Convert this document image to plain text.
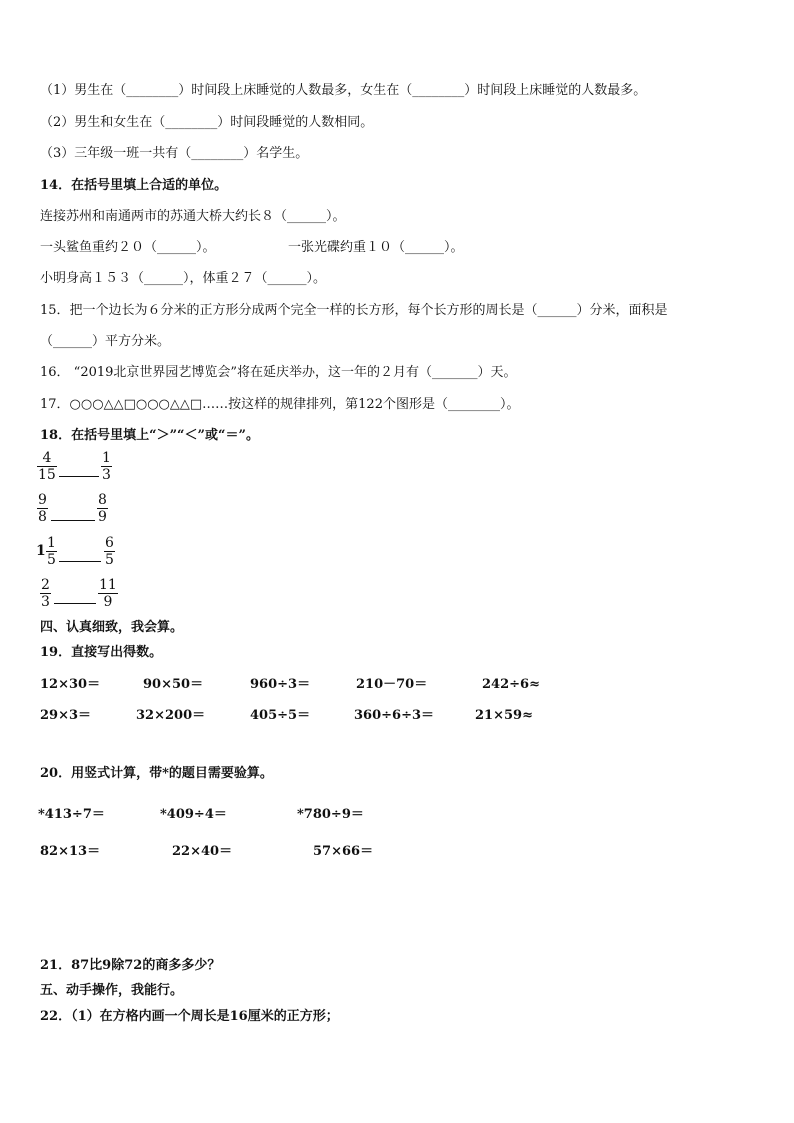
（1）男生在（________）时间段上床睡觉的人数最多，女生在（________）时间段上床睡觉的人数最多。
（2）男生和女生在（________）时间段睡觉的人数相同。
（3）三年级一班一共有（________）名学生。
14．在括号里填上合适的单位。
连接苏州和南通两市的苏通大桥大约长８（______）。
一头鲨鱼重约２０（______）。	一张光碟约重１０（______）。
小明身高１５３（______），体重２７（______）。
15．把一个边长为６分米的正方形分成两个完全一样的长方形，每个长方形的周长是（______）分米，面积是
（______）平方分米。
16． “2019北京世界园艺博览会”将在延庆举办，这一年的２月有（_______）天。
17．○○○△△□○○○△△□……按这样的规律排列，第122个图形是（________）。
18．在括号里填上“＞”“＜”或“＝”。
$\frac{4}{15}$	$\frac{1}{3}$
$\frac{9}{8}$	$\frac{8}{9}$
$1 \frac{1}{5}$	$\frac{6}{5}$
$\frac{2}{3}$	$\frac{11}{9}$
四、认真细致，我会算。
19．直接写出得数。
12×30＝	90×50＝	960÷3＝	210－70＝	242÷6≈
29×3＝	32×200＝	405÷5＝	360÷6÷3＝	21×59≈
20．用竖式计算，带*的题目需要验算。
*413÷7＝	*409÷4＝	*780÷9＝
82×13＝	22×40＝	57×66＝
21．87比9除72的商多多少？
五、动手操作，我能行。
22．（1）在方格内画一个周长是16厘米的正方形；
